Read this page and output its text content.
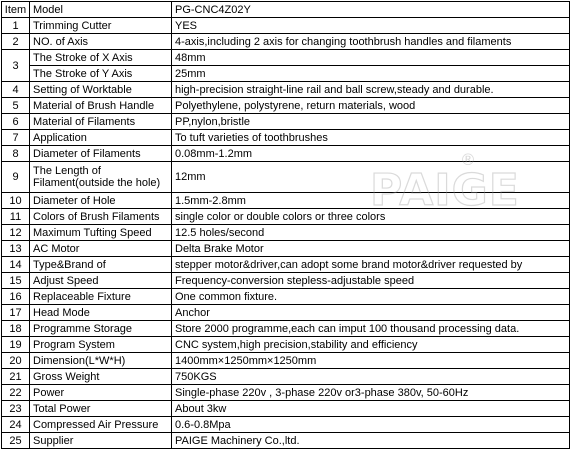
Item	Model	PG-CNC4Z02Y
1	Trimming Cutter	YES
2	NO. of Axis	4-axis,including 2 axis for changing toothbrush handles and filaments
3	The Stroke of X Axis	48mm
	The Stroke of Y Axis	25mm
4	Setting of Worktable	high-precision straight-line rail and ball screw,steady and durable.
5	Material of Brush Handle	Polyethylene, polystyrene, return materials, wood
6	Material of Filaments	PP,nylon,bristle
7	Application	To tuft varieties of toothbrushes
8	Diameter of Filaments	0.08mm-1.2mm
9	The Length of Filament(outside the hole)	12mm
10	Diameter of Hole	1.5mm-2.8mm
11	Colors of Brush Filaments	single color or double colors or three colors
12	Maximum Tufting Speed	12.5 holes/second
13	AC Motor	Delta Brake Motor
14	Type&Brand of	stepper motor&driver,can adopt some brand motor&driver requested by
15	Adjust Speed	Frequency-conversion stepless-adjustable speed
16	Replaceable Fixture	One common fixture.
17	Head Mode	Anchor
18	Programme Storage	Store 2000 programme,each can imput 100 thousand processing data.
19	Program System	CNC system,high precision,stability and efficiency
20	Dimension(L*W*H)	1400mm×1250mm×1250mm
21	Gross Weight	750KGS
22	Power	Single-phase 220v , 3-phase 220v or3-phase 380v, 50-60Hz
23	Total Power	About 3kw
24	Compressed Air Pressure	0.6-0.8Mpa
25	Supplier	PAIGE Machinery Co.,ltd.
PAIGE
®
